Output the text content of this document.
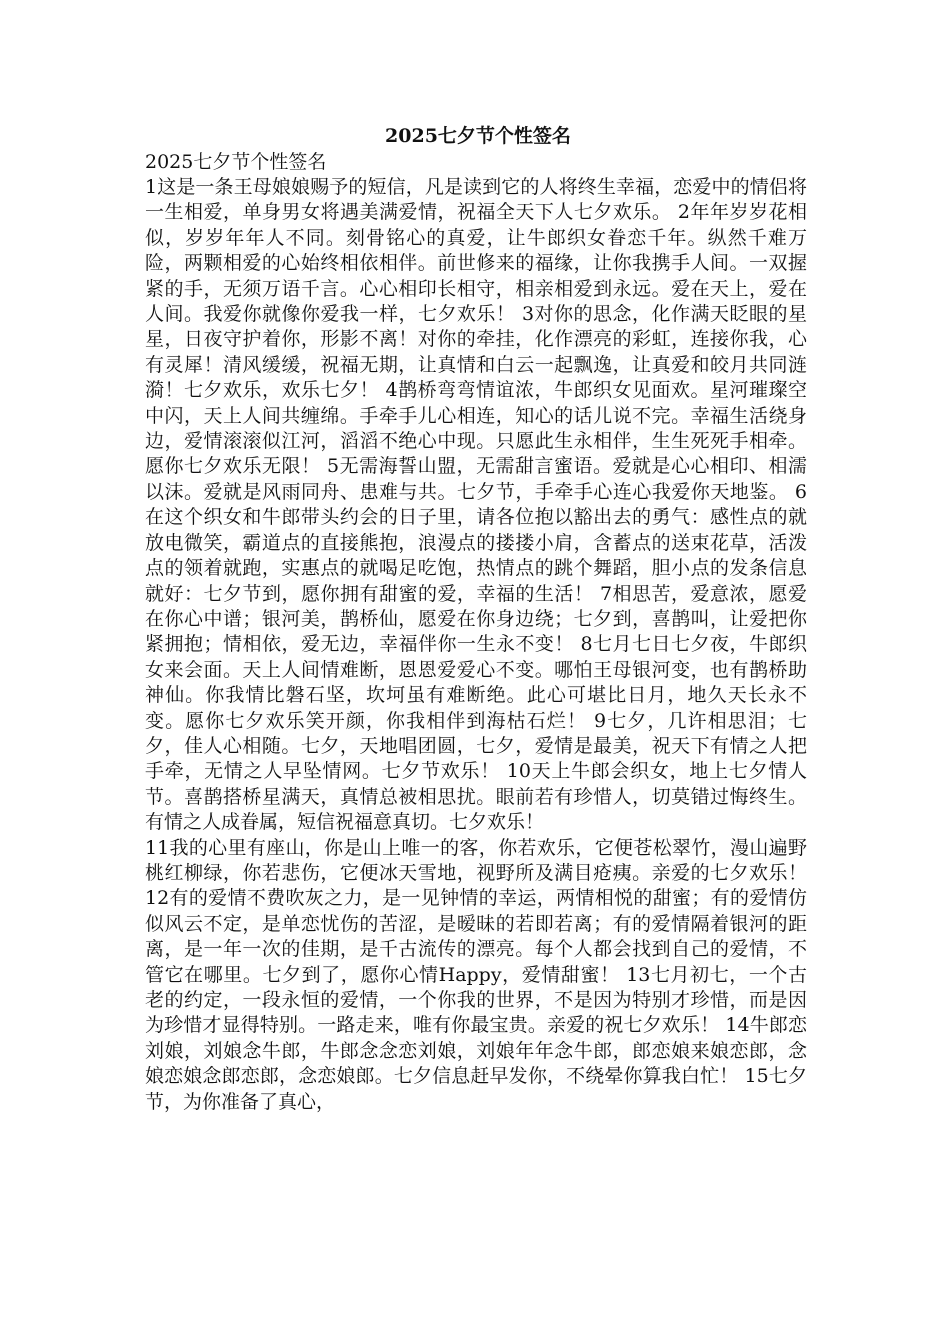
2025七夕节个性签名
2025七夕节个性签名

1这是一条王母娘娘赐予的短信，凡是读到它的人将终生幸福，恋爱中的情侣将一生相爱，单身男女将遇美满爱情，祝福全天下人七夕欢乐。 2年年岁岁花相似，岁岁年年人不同。刻骨铭心的真爱，让牛郎织女眷恋千年。纵然千难万险，两颗相爱的心始终相依相伴。前世修来的福缘，让你我携手人间。一双握紧的手，无须万语千言。心心相印长相守，相亲相爱到永远。爱在天上，爱在人间。我爱你就像你爱我一样，七夕欢乐！ 3对你的思念，化作满天眨眼的星星，日夜守护着你，形影不离！对你的牵挂，化作漂亮的彩虹，连接你我，心有灵犀！清风缓缓，祝福无期，让真情和白云一起飘逸，让真爱和皎月共同涟漪！七夕欢乐，欢乐七夕！ 4鹊桥弯弯情谊浓，牛郎织女见面欢。星河璀璨空中闪，天上人间共缠绵。手牵手儿心相连，知心的话儿说不完。幸福生活绕身边，爱情滚滚似江河，滔滔不绝心中现。只愿此生永相伴，生生死死手相牵。愿你七夕欢乐无限！ 5无需海誓山盟，无需甜言蜜语。爱就是心心相印、相濡以沫。爱就是风雨同舟、患难与共。七夕节，手牵手心连心我爱你天地鉴。 6在这个织女和牛郎带头约会的日子里，请各位抱以豁出去的勇气：感性点的就放电微笑，霸道点的直接熊抱，浪漫点的搂搂小肩，含蓄点的送束花草，活泼点的领着就跑，实惠点的就喝足吃饱，热情点的跳个舞蹈，胆小点的发条信息就好：七夕节到，愿你拥有甜蜜的爱，幸福的生活！ 7相思苦，爱意浓，愿爱在你心中谱；银河美，鹊桥仙，愿爱在你身边绕；七夕到，喜鹊叫，让爱把你紧拥抱；情相依，爱无边，幸福伴你一生永不变！ 8七月七日七夕夜，牛郎织女来会面。天上人间情难断，恩恩爱爱心不变。哪怕王母银河变，也有鹊桥助神仙。你我情比磐石坚，坎坷虽有难断绝。此心可堪比日月，地久天长永不变。愿你七夕欢乐笑开颜，你我相伴到海枯石烂！ 9七夕，几许相思泪；七夕，佳人心相随。七夕，天地唱团圆，七夕，爱情是最美，祝天下有情之人把手牵，无情之人早坠情网。七夕节欢乐！ 10天上牛郎会织女，地上七夕情人节。喜鹊搭桥星满天，真情总被相思扰。眼前若有珍惜人，切莫错过悔终生。有情之人成眷属，短信祝福意真切。七夕欢乐！

11我的心里有座山，你是山上唯一的客，你若欢乐，它便苍松翠竹，漫山遍野桃红柳绿，你若悲伤，它便冰天雪地，视野所及满目疮痍。亲爱的七夕欢乐！ 12有的爱情不费吹灰之力，是一见钟情的幸运，两情相悦的甜蜜；有的爱情仿似风云不定，是单恋忧伤的苦涩，是暧昧的若即若离；有的爱情隔着银河的距离，是一年一次的佳期，是千古流传的漂亮。每个人都会找到自己的爱情，不管它在哪里。七夕到了，愿你心情Happy，爱情甜蜜！ 13七月初七，一个古老的约定，一段永恒的爱情，一个你我的世界，不是因为特别才珍惜，而是因为珍惜才显得特别。一路走来，唯有你最宝贵。亲爱的祝七夕欢乐！ 14牛郎恋刘娘，刘娘念牛郎，牛郎念念恋刘娘，刘娘年年念牛郎，郎恋娘来娘恋郎，念娘恋娘念郎恋郎，念恋娘郎。七夕信息赶早发你，不绕晕你算我白忙！ 15七夕节，为你准备了真心，
